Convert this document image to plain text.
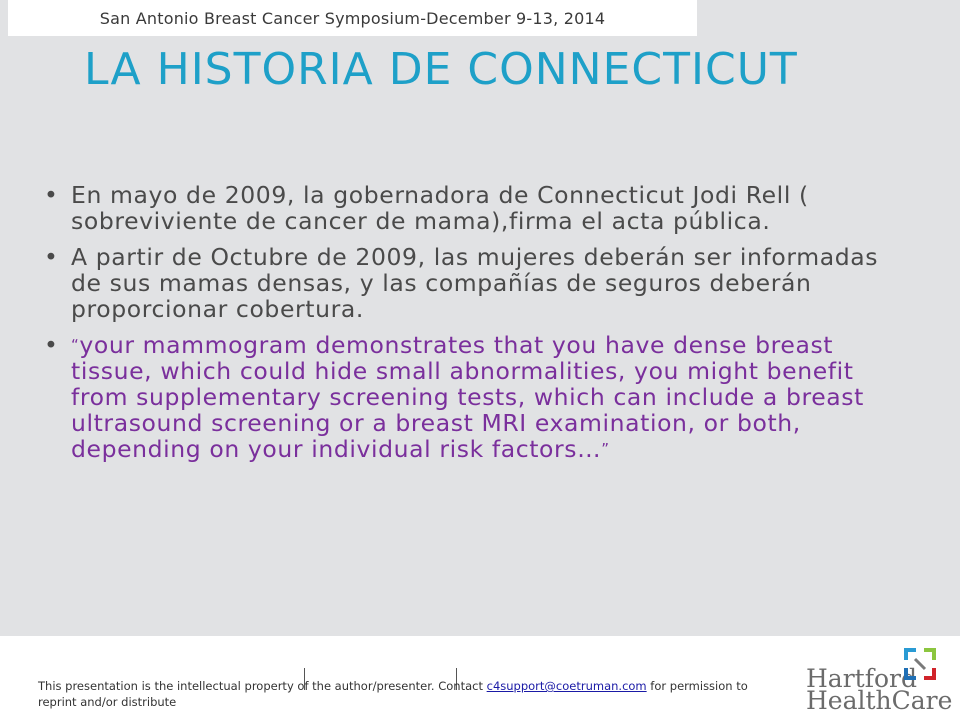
San Antonio Breast Cancer Symposium-December 9-13, 2014
LA HISTORIA DE CONNECTICUT
• En mayo de 2009, la gobernadora de Connecticut Jodi Rell ( sobreviviente de cancer de mama),firma el acta pública.
• A partir de Octubre de 2009, las mujeres deberán ser informadas de sus mamas densas, y las compañías de seguros deberán proporcionar cobertura.
• “your mammogram demonstrates that you have dense breast tissue, which could hide small abnormalities, you might benefit from supplementary screening tests, which can include a breast ultrasound screening or a breast MRI examination, or both, depending on your individual risk factors…”
This presentation is the intellectual property of the author/presenter. Contact c4support@coetruman.com for permission to reprint and/or distribute
Hartford
HealthCare
